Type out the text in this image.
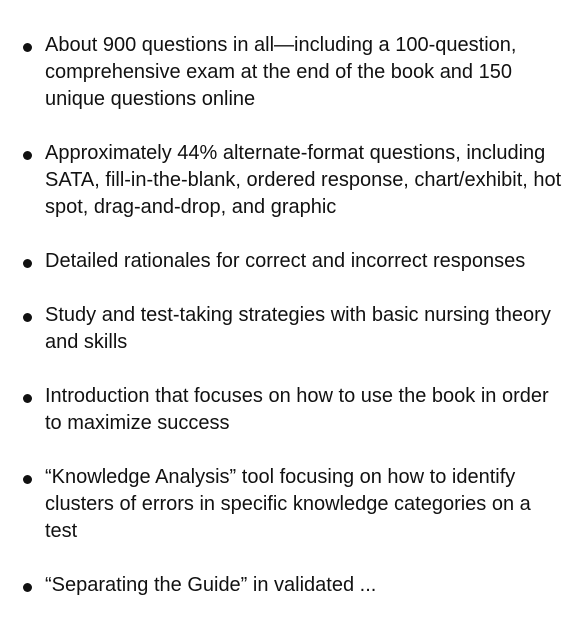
About 900 questions in all—including a 100-question, comprehensive exam at the end of the book and 150 unique questions online
Approximately 44% alternate-format questions, including SATA, fill-in-the-blank, ordered response, chart/exhibit, hot spot, drag-and-drop, and graphic
Detailed rationales for correct and incorrect responses
Study and test-taking strategies with basic nursing theory and skills
Introduction that focuses on how to use the book in order to maximize success
“Knowledge Analysis” tool focusing on how to identify clusters of errors in specific knowledge categories on a test
“Separating the Guide” in validated ...
